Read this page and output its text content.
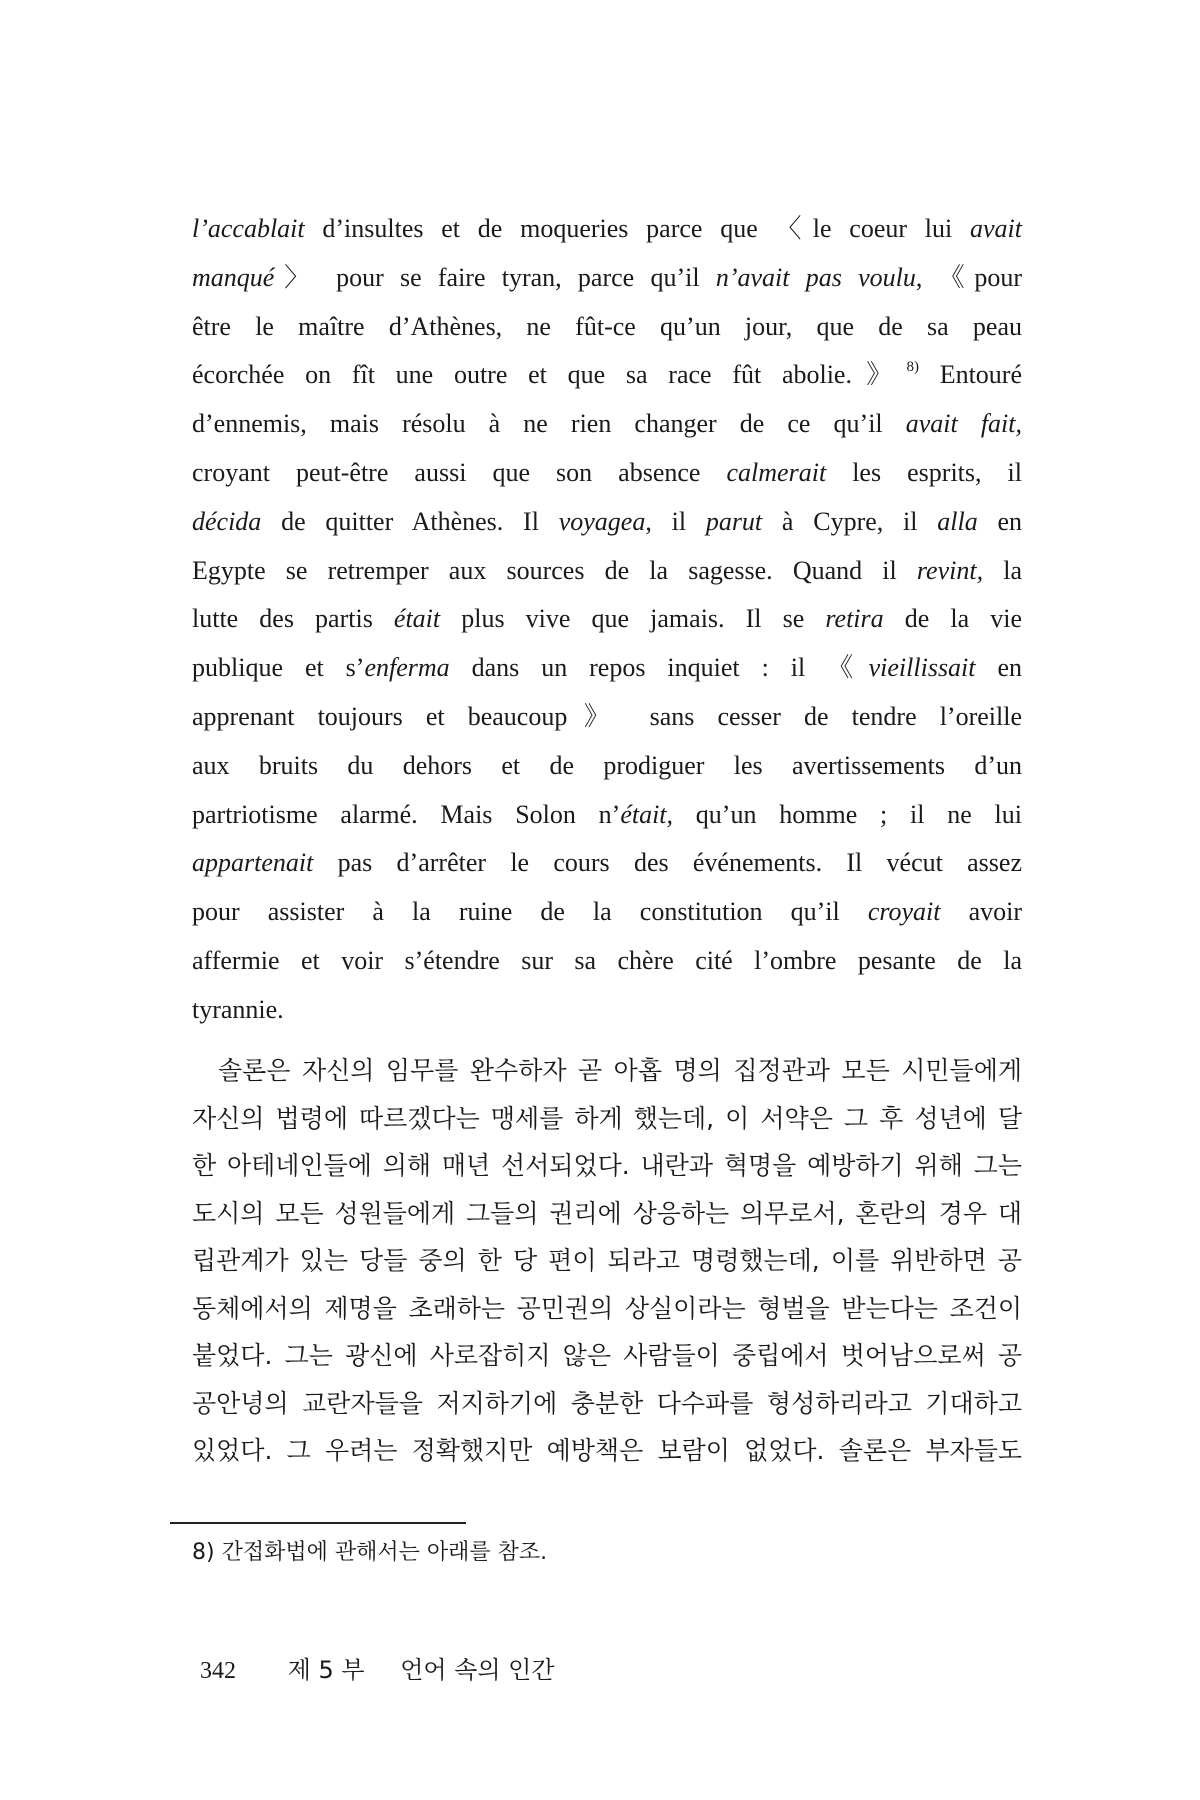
l’accablait d’insultes et de moqueries parce que 〈le coeur lui avait
manqué〉 pour se faire tyran, parce qu’il n’avait pas voulu, 《pour
être le maître d’Athènes, ne fût-ce qu’un jour, que de sa peau
écorchée on fît une outre et que sa race fût abolie.》$^{8)}$ Entouré
d’ennemis, mais résolu à ne rien changer de ce qu’il avait fait,
croyant peut-être aussi que son absence calmerait les esprits, il
décida de quitter Athènes. Il voyagea, il parut à Cypre, il alla en
Egypte se retremper aux sources de la sagesse. Quand il revint, la
lutte des partis était plus vive que jamais. Il se retira de la vie
publique et s’enferma dans un repos inquiet : il 《vieillissait en
apprenant toujours et beaucoup》 sans cesser de tendre l’oreille
aux bruits du dehors et de prodiguer les avertissements d’un
partriotisme alarmé. Mais Solon n’était, qu’un homme ; il ne lui
appartenait pas d’arrêter le cours des événements. Il vécut assez
pour assister à la ruine de la constitution qu’il croyait avoir
affermie et voir s’étendre sur sa chère cité l’ombre pesante de la
tyrannie.
솔론은 자신의 임무를 완수하자 곧 아홉 명의 집정관과 모든 시민들에게
자신의 법령에 따르겠다는 맹세를 하게 했는데, 이 서약은 그 후 성년에 달
한 아테네인들에 의해 매년 선서되었다. 내란과 혁명을 예방하기 위해 그는
도시의 모든 성원들에게 그들의 권리에 상응하는 의무로서, 혼란의 경우 대
립관계가 있는 당들 중의 한 당 편이 되라고 명령했는데, 이를 위반하면 공
동체에서의 제명을 초래하는 공민권의 상실이라는 형벌을 받는다는 조건이
붙었다. 그는 광신에 사로잡히지 않은 사람들이 중립에서 벗어남으로써 공
공안녕의 교란자들을 저지하기에 충분한 다수파를 형성하리라고 기대하고
있었다. 그 우려는 정확했지만 예방책은 보람이 없었다. 솔론은 부자들도
8) 간접화법에 관해서는 아래를 참조.
342 제 5 부 언어 속의 인간
